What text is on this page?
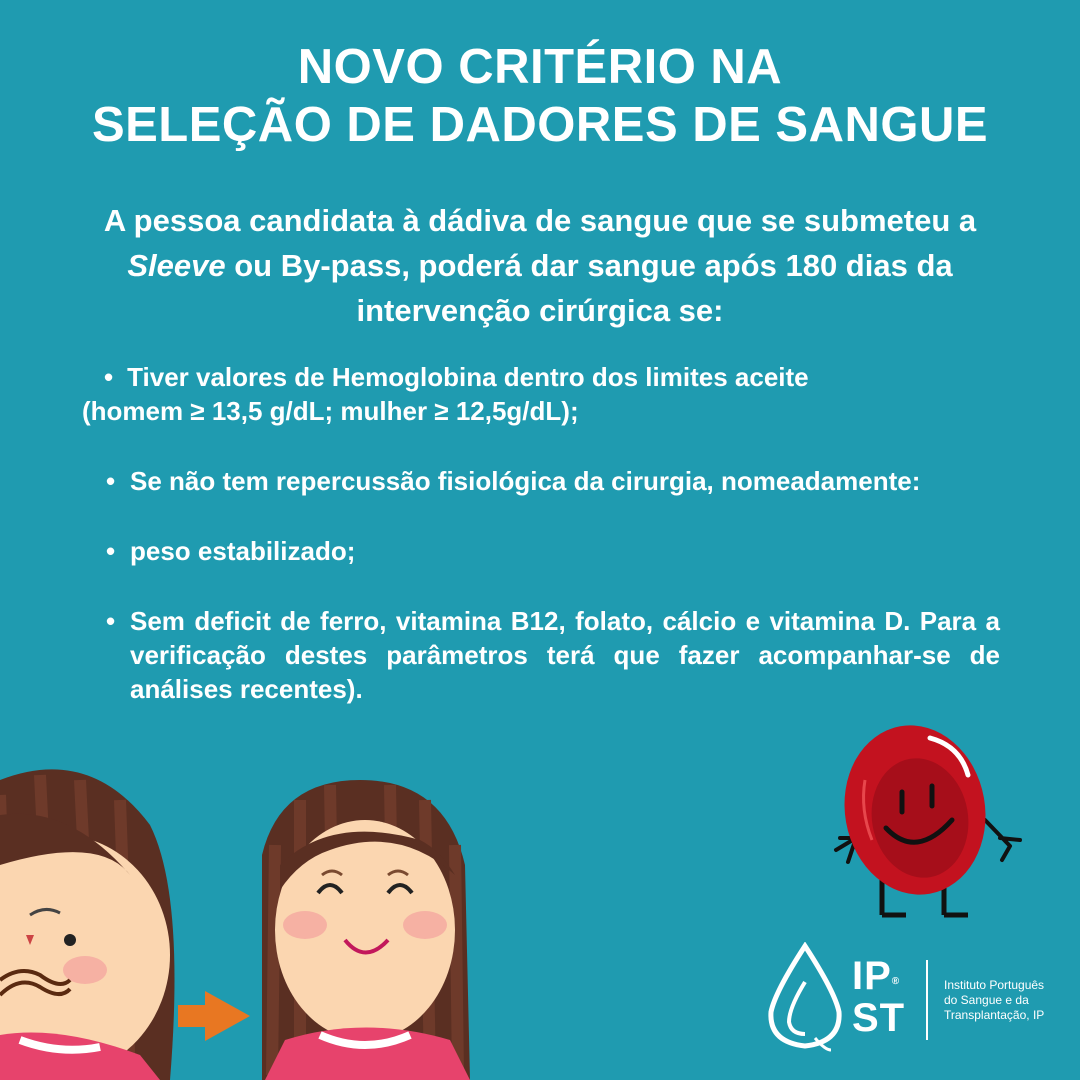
NOVO CRITÉRIO NA
SELEÇÃO DE DADORES DE SANGUE
A pessoa candidata à dádiva de sangue que se submeteu a Sleeve ou By-pass, poderá dar sangue após 180 dias da intervenção cirúrgica se:
• Tiver valores de Hemoglobina dentro dos limites aceite
(homem ≥ 13,5 g/dL; mulher ≥ 12,5g/dL);
• Se não tem repercussão fisiológica da cirurgia, nomeadamente:
• peso estabilizado;
• Sem deficit de ferro, vitamina B12, folato, cálcio e vitamina D. Para a verificação destes parâmetros terá que fazer acompanhar-se de análises recentes).
IP®
ST
Instituto Português
do Sangue e da
Transplantação, IP
